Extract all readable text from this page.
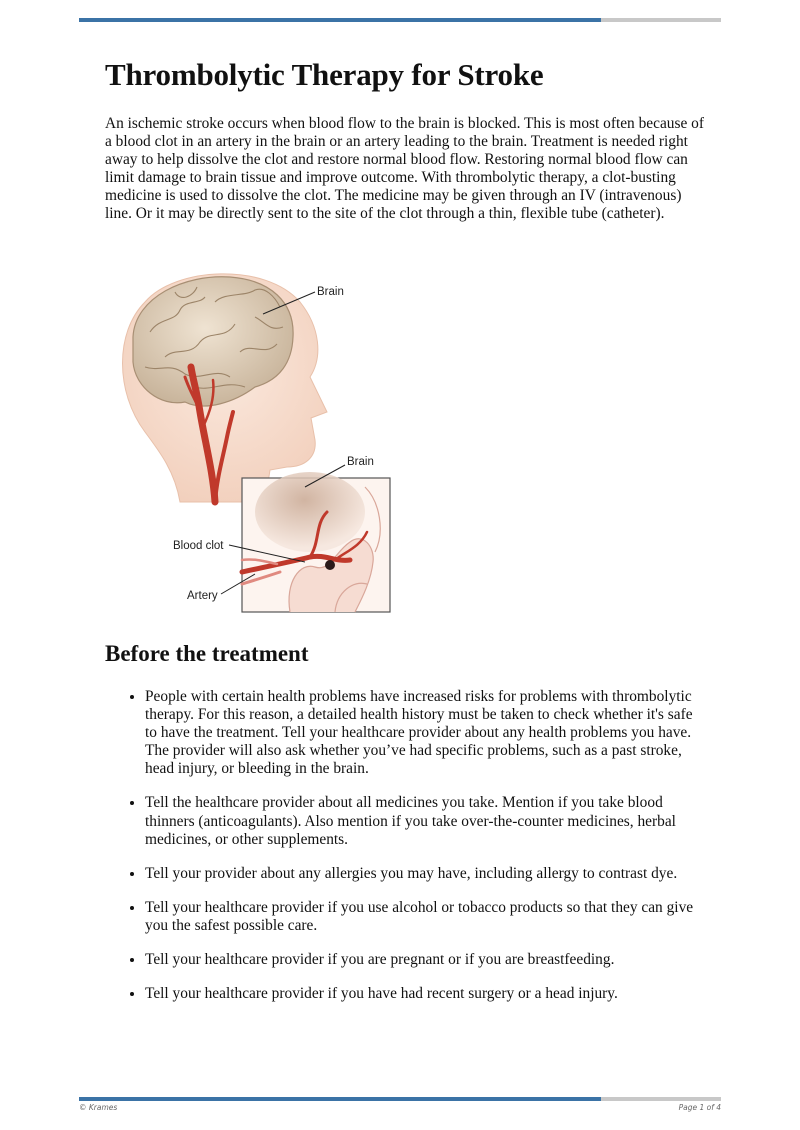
Thrombolytic Therapy for Stroke

An ischemic stroke occurs when blood flow to the brain is blocked. This is most often because of a blood clot in an artery in the brain or an artery leading to the brain. Treatment is needed right away to help dissolve the clot and restore normal blood flow. Restoring normal blood flow can limit damage to brain tissue and improve outcome. With thrombolytic therapy, a clot-busting medicine is used to dissolve the clot. The medicine may be given through an IV (intravenous) line. Or it may be directly sent to the site of the clot through a thin, flexible tube (catheter).

Brain
Brain
Blood clot
Artery
Before the treatment
• People with certain health problems have increased risks for problems with thrombolytic therapy. For this reason, a detailed health history must be taken to check whether it's safe to have the treatment. Tell your healthcare provider about any health problems you have. The provider will also ask whether you’ve had specific problems, such as a past stroke, head injury, or bleeding in the brain.
• Tell the healthcare provider about all medicines you take. Mention if you take blood thinners (anticoagulants). Also mention if you take over-the-counter medicines, herbal medicines, or other supplements.
• Tell your provider about any allergies you may have, including allergy to contrast dye.
• Tell your healthcare provider if you use alcohol or tobacco products so that they can give you the safest possible care.
• Tell your healthcare provider if you are pregnant or if you are breastfeeding.
• Tell your healthcare provider if you have had recent surgery or a head injury.
© Krames	Page 1 of 4
